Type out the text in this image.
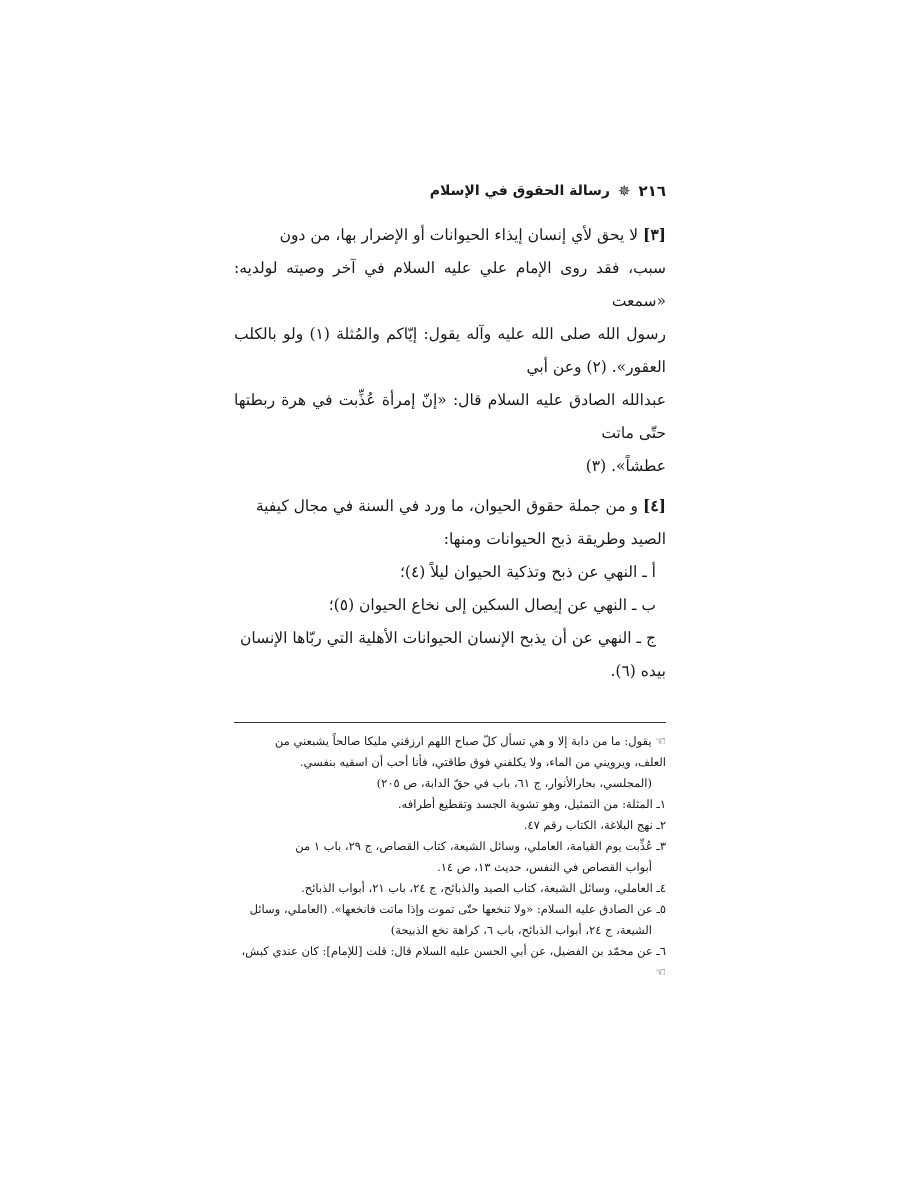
٢١٦
✵
رسالة الحقوق في الإسلام

[٣] لا يحق لأي إنسان إيذاء الحيوانات أو الإضرار بها، من دون

سبب، فقد روى الإمام علي عليه السلام في آخر وصيته لولديه: «سمعت

رسول الله صلى الله عليه وآله يقول: إيّاكم والمُثلة (١) ولو بالكلب العقور». (٢) وعن أبي

عبدالله الصادق عليه السلام قال: «إنّ إمرأة عُذِّبت في هرة ربطتها حتّى ماتت

عطشاً». (٣)

[٤] و من جملة حقوق الحيوان، ما ورد في السنة في مجال كيفية

الصيد وطريقة ذبح الحيوانات ومنها:

أ ـ النهي عن ذبح وتذكية الحيوان ليلاً (٤)؛

ب ـ النهي عن إيصال السكين إلى نخاع الحيوان (٥)؛

ج ـ النهي عن أن يذبح الإنسان الحيوانات الأهلية التي ربّاها الإنسان

بيده (٦).

☜ يقول: ما من دابة إلا و هي تسأل كلّ صباح اللهم ارزقني مليكا صالحاً يشبعني من

العلف، ويرويني من الماء، ولا يكلفني فوق طاقتي، فأنا أحب أن اسقيه بنفسي.

(المجلسي، بحارالأنوار، ج ٦١، باب في حقّ الدابة، ص ٢٠٥)

١ـ المثلة: من التمثيل، وهو تشوية الجسد وتقطيع أطرافه.

٢ـ نهج البلاغة، الكتاب رقم ٤٧.

٣ـ عُذِّبت يوم القيامة، العاملي، وسائل الشيعة، كتاب القصاص، ج ٢٩، باب ١ من

أبواب القصاص في النفس، حديث ١٣، ص ١٤.

٤ـ العاملي، وسائل الشيعة، كتاب الصيد والذبائح، ج ٢٤، باب ٢١، أبواب الذبائح.

٥ـ عن الصادق عليه السلام: «ولا تنخعها حتّى تموت وإذا ماتت فانخعها». (العاملي، وسائل

الشيعة، ج ٢٤، أبواب الذبائح، باب ٦، كراهة نخع الذبيحة)

٦ـ عن محمّد بن الفضيل، عن أبي الحسن عليه السلام قال: قلت [للإمام]: كان عندي كبش،

☜
